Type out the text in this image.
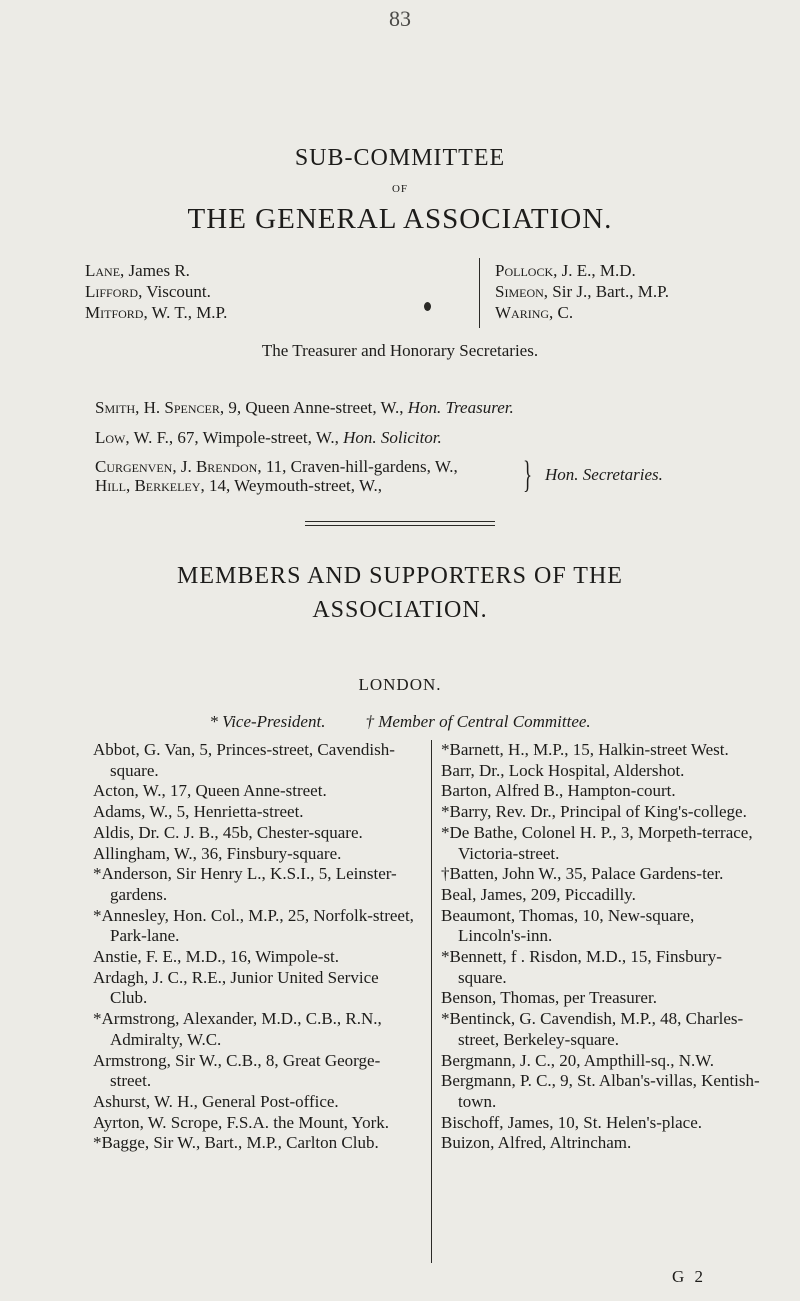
83
SUB-COMMITTEE
OF
THE GENERAL ASSOCIATION.
Lane, James R.
Lifford, Viscount.
Mitford, W. T., M.P.
Pollock, J. E., M.D.
Simeon, Sir J., Bart., M.P.
Waring, C.
The Treasurer and Honorary Secretaries.
Smith, H. Spencer, 9, Queen Anne-street, W., Hon. Treasurer.
Low, W. F., 67, Wimpole-street, W., Hon. Solicitor.
Curgenven, J. Brendon, 11, Craven-hill-gardens, W.,
Hill, Berkeley, 14, Weymouth-street, W.,	} Hon. Secretaries.
MEMBERS AND SUPPORTERS OF THE
ASSOCIATION.
LONDON.
* Vice-President. † Member of Central Committee.

Abbot, G. Van, 5, Princes-street, Cavendish-square.

Acton, W., 17, Queen Anne-street.

Adams, W., 5, Henrietta-street.

Aldis, Dr. C. J. B., 45b, Chester-square.

Allingham, W., 36, Finsbury-square.

*Anderson, Sir Henry L., K.S.I., 5, Leinster-gardens.

*Annesley, Hon. Col., M.P., 25, Norfolk-street, Park-lane.

Anstie, F. E., M.D., 16, Wimpole-st.

Ardagh, J. C., R.E., Junior United Service Club.

*Armstrong, Alexander, M.D., C.B., R.N., Admiralty, W.C.

Armstrong, Sir W., C.B., 8, Great George-street.

Ashurst, W. H., General Post-office.

Ayrton, W. Scrope, F.S.A. the Mount, York.

*Bagge, Sir W., Bart., M.P., Carlton Club.

*Barnett, H., M.P., 15, Halkin-street West.

Barr, Dr., Lock Hospital, Aldershot.

Barton, Alfred B., Hampton-court.

*Barry, Rev. Dr., Principal of King's-college.

*De Bathe, Colonel H. P., 3, Morpeth-terrace, Victoria-street.

†Batten, John W., 35, Palace Gardens-ter.

Beal, James, 209, Piccadilly.

Beaumont, Thomas, 10, New-square, Lincoln's-inn.

*Bennett, f . Risdon, M.D., 15, Finsbury-square.

Benson, Thomas, per Treasurer.

*Bentinck, G. Cavendish, M.P., 48, Charles-street, Berkeley-square.

Bergmann, J. C., 20, Ampthill-sq., N.W.

Bergmann, P. C., 9, St. Alban's-villas, Kentish-town.

Bischoff, James, 10, St. Helen's-place.

Buizon, Alfred, Altrincham.

G 2
